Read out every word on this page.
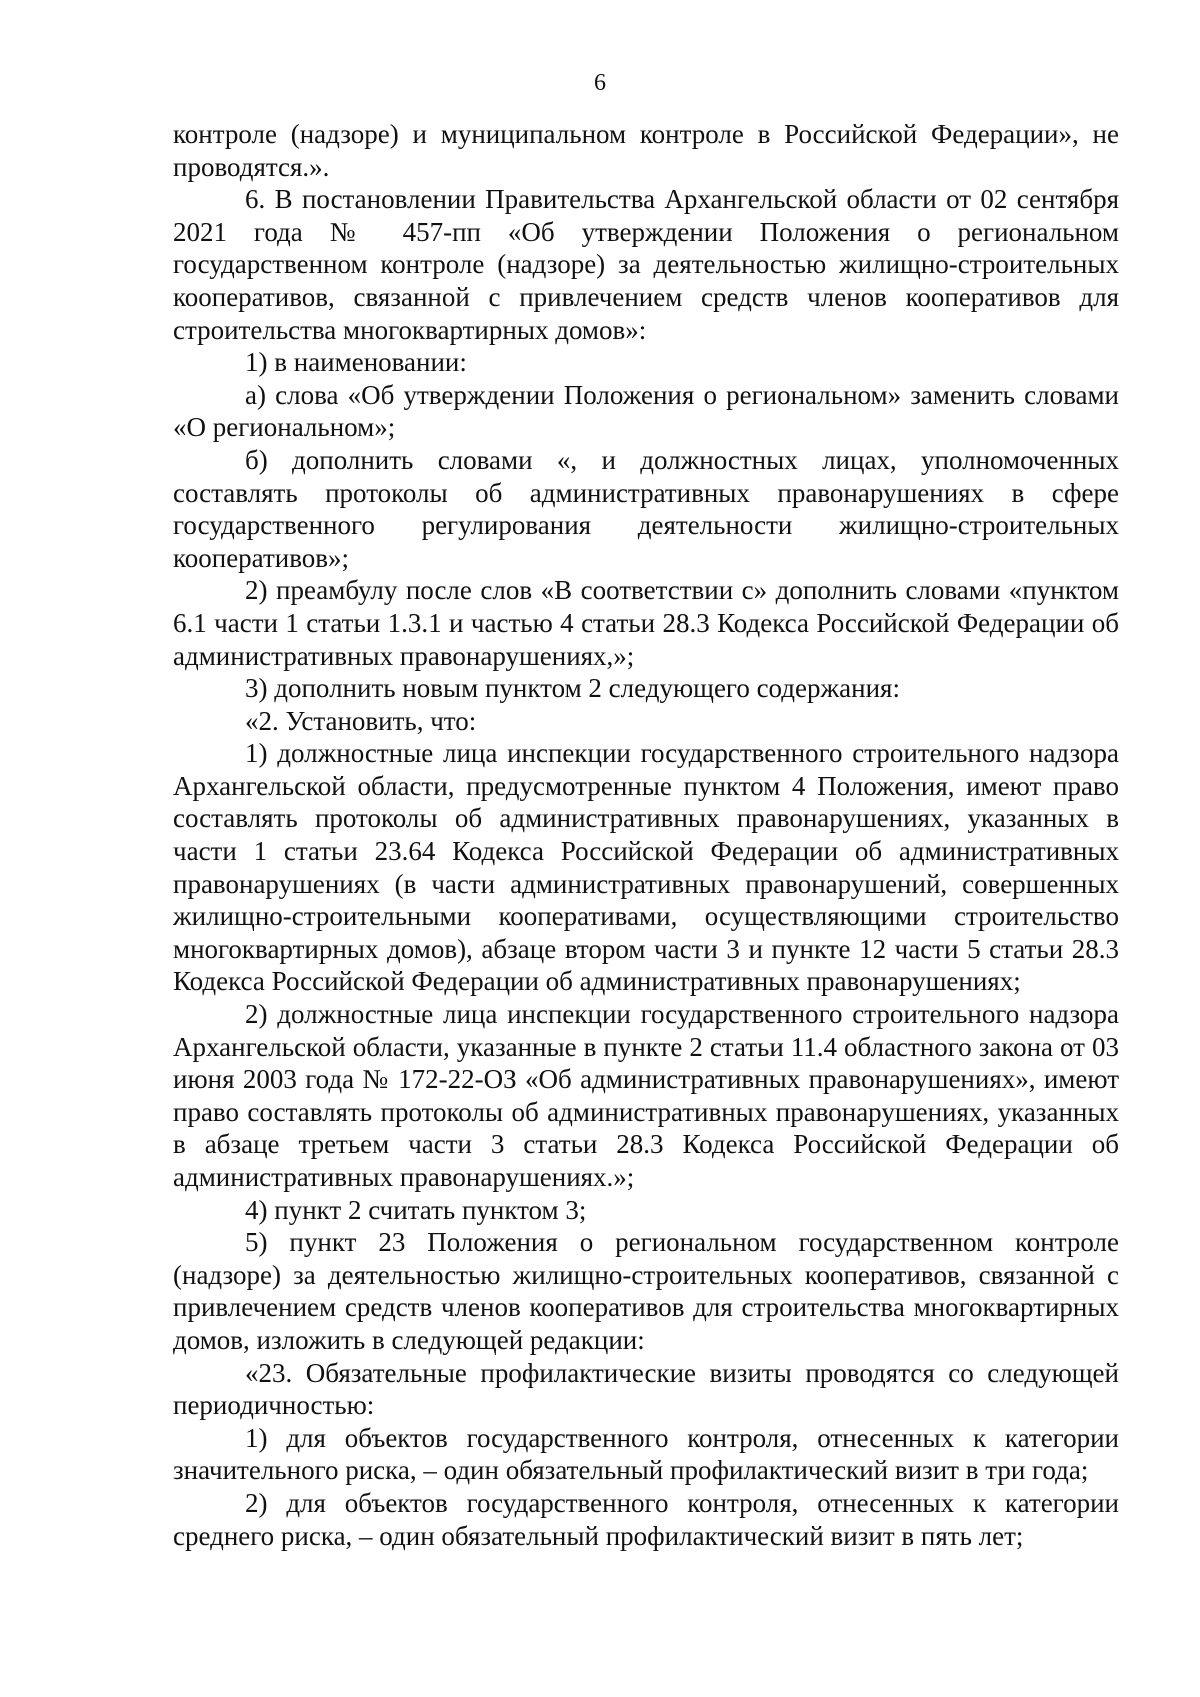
6

контроле (надзоре) и муниципальном контроле в Российской Федерации», не проводятся.».

6. В постановлении Правительства Архангельской области от 02 сентября 2021 года № 457-пп «Об утверждении Положения о региональном государственном контроле (надзоре) за деятельностью жилищно-строительных кооперативов, связанной с привлечением средств членов кооперативов для строительства многоквартирных домов»:

1) в наименовании:

а) слова «Об утверждении Положения о региональном» заменить словами «О региональном»;

б) дополнить словами «, и должностных лицах, уполномоченных составлять протоколы об административных правонарушениях в сфере государственного регулирования деятельности жилищно-строительных кооперативов»;

2) преамбулу после слов «В соответствии с» дополнить словами «пунктом 6.1 части 1 статьи 1.3.1 и частью 4 статьи 28.3 Кодекса Российской Федерации об административных правонарушениях,»;

3) дополнить новым пунктом 2 следующего содержания:

«2. Установить, что:

1) должностные лица инспекции государственного строительного надзора Архангельской области, предусмотренные пунктом 4 Положения, имеют право составлять протоколы об административных правонарушениях, указанных в части 1 статьи 23.64 Кодекса Российской Федерации об административных правонарушениях (в части административных правонарушений, совершенных жилищно-строительными кооперативами, осуществляющими строительство многоквартирных домов), абзаце втором части 3 и пункте 12 части 5 статьи 28.3 Кодекса Российской Федерации об административных правонарушениях;

2) должностные лица инспекции государственного строительного надзора Архангельской области, указанные в пункте 2 статьи 11.4 областного закона от 03 июня 2003 года № 172-22-ОЗ «Об административных правонарушениях», имеют право составлять протоколы об административных правонарушениях, указанных в абзаце третьем части 3 статьи 28.3 Кодекса Российской Федерации об административных правонарушениях.»;

4) пункт 2 считать пунктом 3;

5) пункт 23 Положения о региональном государственном контроле (надзоре) за деятельностью жилищно-строительных кооперативов, связанной с привлечением средств членов кооперативов для строительства многоквартирных домов, изложить в следующей редакции:

«23. Обязательные профилактические визиты проводятся со следующей периодичностью:

1) для объектов государственного контроля, отнесенных к категории значительного риска, – один обязательный профилактический визит в три года;

2) для объектов государственного контроля, отнесенных к категории среднего риска, – один обязательный профилактический визит в пять лет;
